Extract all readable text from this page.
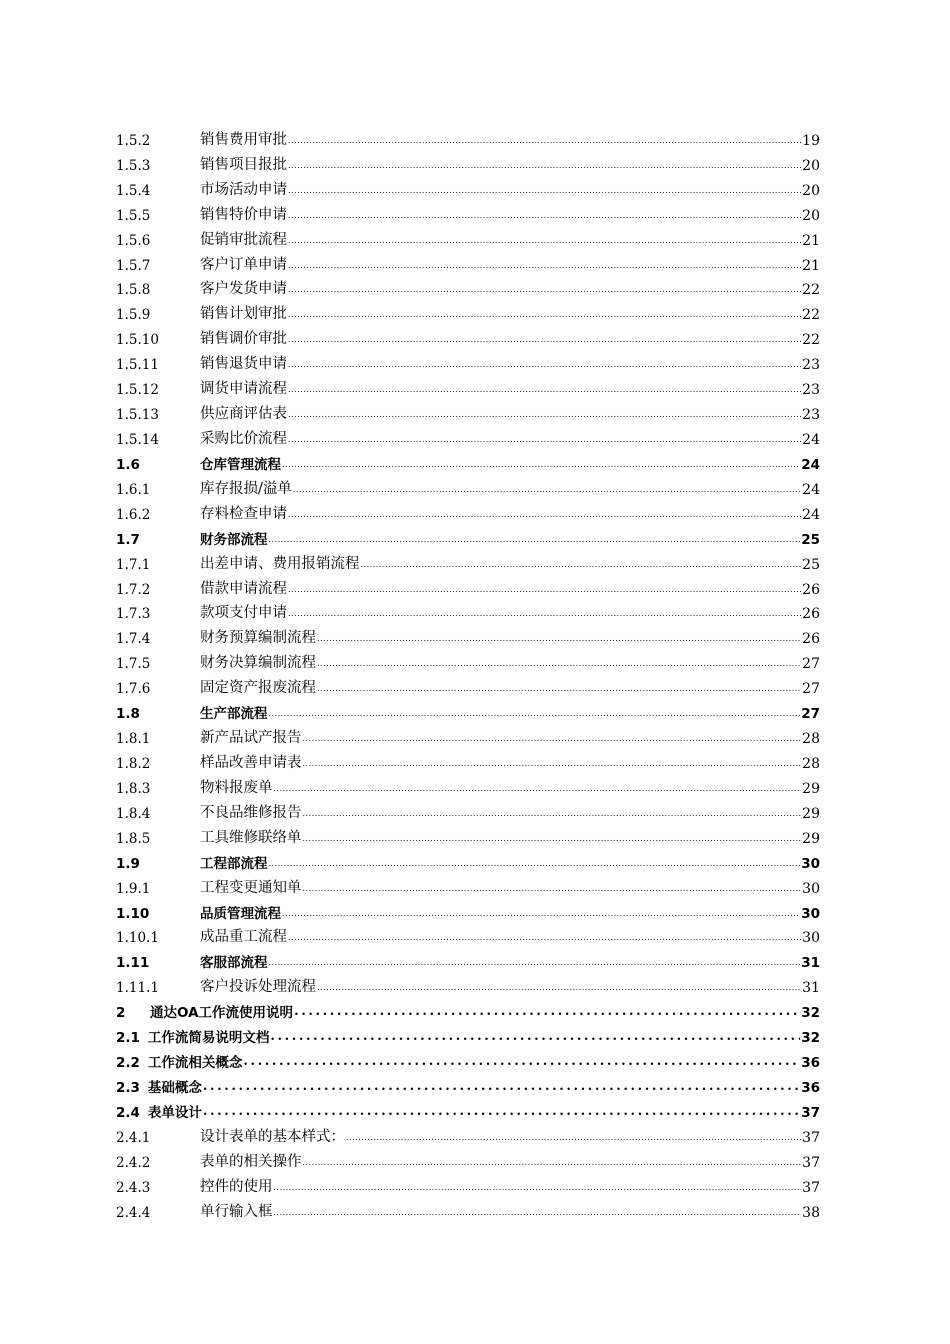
1.5.2	销售费用审批 .....	19
1.5.3	销售项目报批 .....	20
1.5.4	市场活动申请 .....	20
1.5.5	销售特价申请 .....	20
1.5.6	促销审批流程 .....	21
1.5.7	客户订单申请 .....	21
1.5.8	客户发货申请 .....	22
1.5.9	销售计划审批 .....	22
1.5.10	销售调价审批 .....	22
1.5.11	销售退货申请 .....	23
1.5.12	调货申请流程 .....	23
1.5.13	供应商评估表 .....	23
1.5.14	采购比价流程 .....	24
1.6	仓库管理流程 .....	24
1.6.1	库存报损/溢单 .....	24
1.6.2	存料检查申请 .....	24
1.7	财务部流程 .....	25
1.7.1	出差申请、费用报销流程 .....	25
1.7.2	借款申请流程 .....	26
1.7.3	款项支付申请 .....	26
1.7.4	财务预算编制流程 .....	26
1.7.5	财务决算编制流程 .....	27
1.7.6	固定资产报废流程 .....	27
1.8	生产部流程 .....	27
1.8.1	新产品试产报告 .....	28
1.8.2	样品改善申请表 .....	28
1.8.3	物料报废单 .....	29
1.8.4	不良品维修报告 .....	29
1.8.5	工具维修联络单 .....	29
1.9	工程部流程 .....	30
1.9.1	工程变更通知单 .....	30
1.10	品质管理流程 .....	30
1.10.1	成品重工流程 .....	30
1.11	客服部流程 .....	31
1.11.1	客户投诉处理流程 .....	31
2	通达OA工作流使用说明 .....	32
2.1 工作流简易说明文档 .....	32
2.2 工作流相关概念 .....	36
2.3 基础概念 .....	36
2.4 表单设计 .....	37
2.4.1	设计表单的基本样式： .....	37
2.4.2	表单的相关操作 .....	37
2.4.3	控件的使用 .....	37
2.4.4	单行输入框 .....	38
